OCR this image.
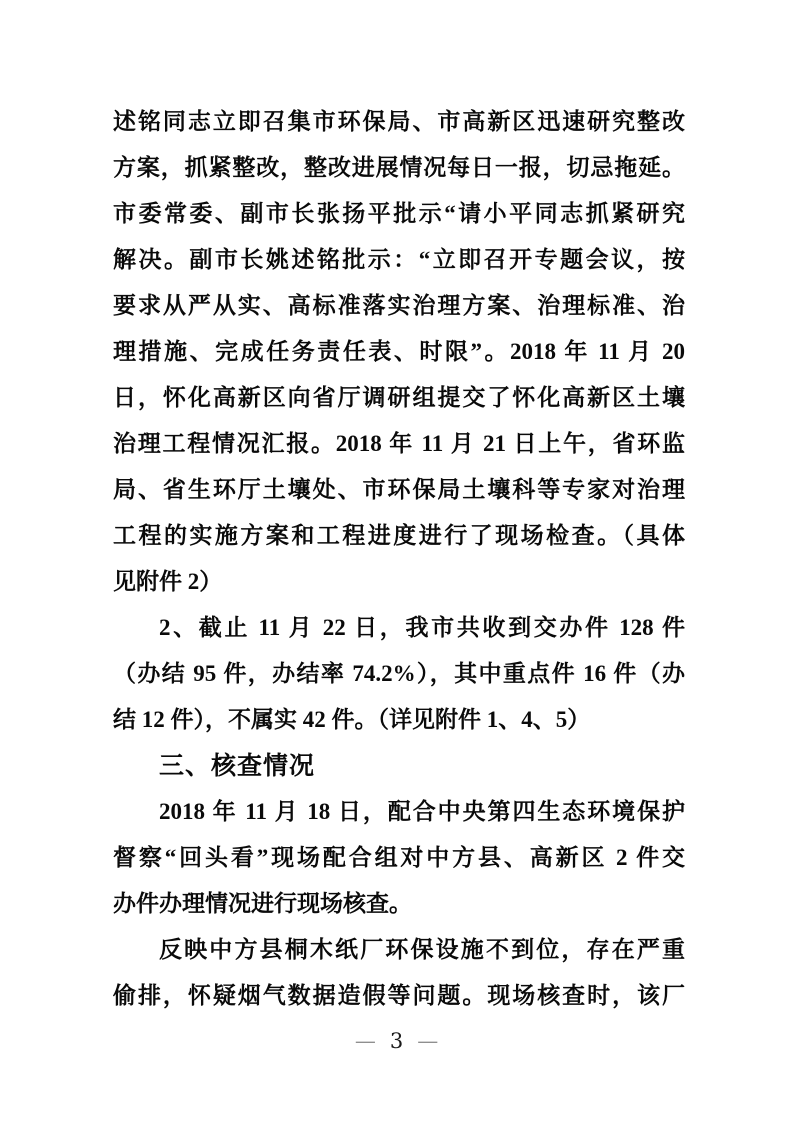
述铭同志立即召集市环保局、市高新区迅速研究整改
方案，抓紧整改，整改进展情况每日一报，切忌拖延。
市委常委、副市长张扬平批示“请小平同志抓紧研究
解决。副市长姚述铭批示：“立即召开专题会议，按
要求从严从实、高标准落实治理方案、治理标准、治
理措施、完成任务责任表、时限”。2018 年 11 月 20
日，怀化高新区向省厅调研组提交了怀化高新区土壤
治理工程情况汇报。2018 年 11 月 21 日上午，省环监
局、省生环厅土壤处、市环保局土壤科等专家对治理
工程的实施方案和工程进度进行了现场检查。（具体
见附件 2）
2、截止 11 月 22 日，我市共收到交办件 128 件
（办结 95 件，办结率 74.2%），其中重点件 16 件（办
结 12 件），不属实 42 件。（详见附件 1、4、5）
三、核查情况
2018 年 11 月 18 日，配合中央第四生态环境保护
督察“回头看”现场配合组对中方县、高新区 2 件交
办件办理情况进行现场核查。
反映中方县桐木纸厂环保设施不到位，存在严重
偷排，怀疑烟气数据造假等问题。现场核查时，该厂
— 3 —
